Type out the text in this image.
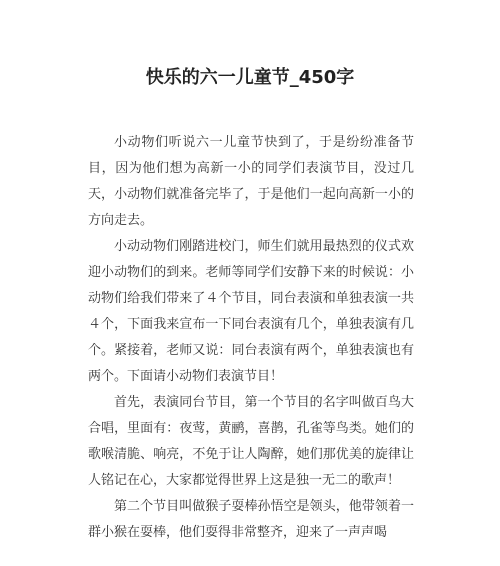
快乐的六一儿童节_450字

小动物们听说六一儿童节快到了，于是纷纷准备节目，因为他们想为高新一小的同学们表演节目，没过几天，小动物们就准备完毕了，于是他们一起向高新一小的方向走去。

小动动物们刚踏进校门，师生们就用最热烈的仪式欢迎小动物们的到来。老师等同学们安静下来的时候说：小动物们给我们带来了４个节目，同台表演和单独表演一共４个，下面我来宣布一下同台表演有几个，单独表演有几个。紧接着，老师又说：同台表演有两个，单独表演也有两个。下面请小动物们表演节目！

首先，表演同台节目，第一个节目的名字叫做百鸟大合唱，里面有：夜莺，黄鹂，喜鹊，孔雀等鸟类。她们的歌喉清脆、响亮，不免于让人陶醉，她们那优美的旋律让人铭记在心，大家都觉得世界上这是独一无二的歌声！

第二个节目叫做猴子耍棒孙悟空是领头，他带领着一群小猴在耍棒，他们耍得非常整齐，迎来了一声声喝
